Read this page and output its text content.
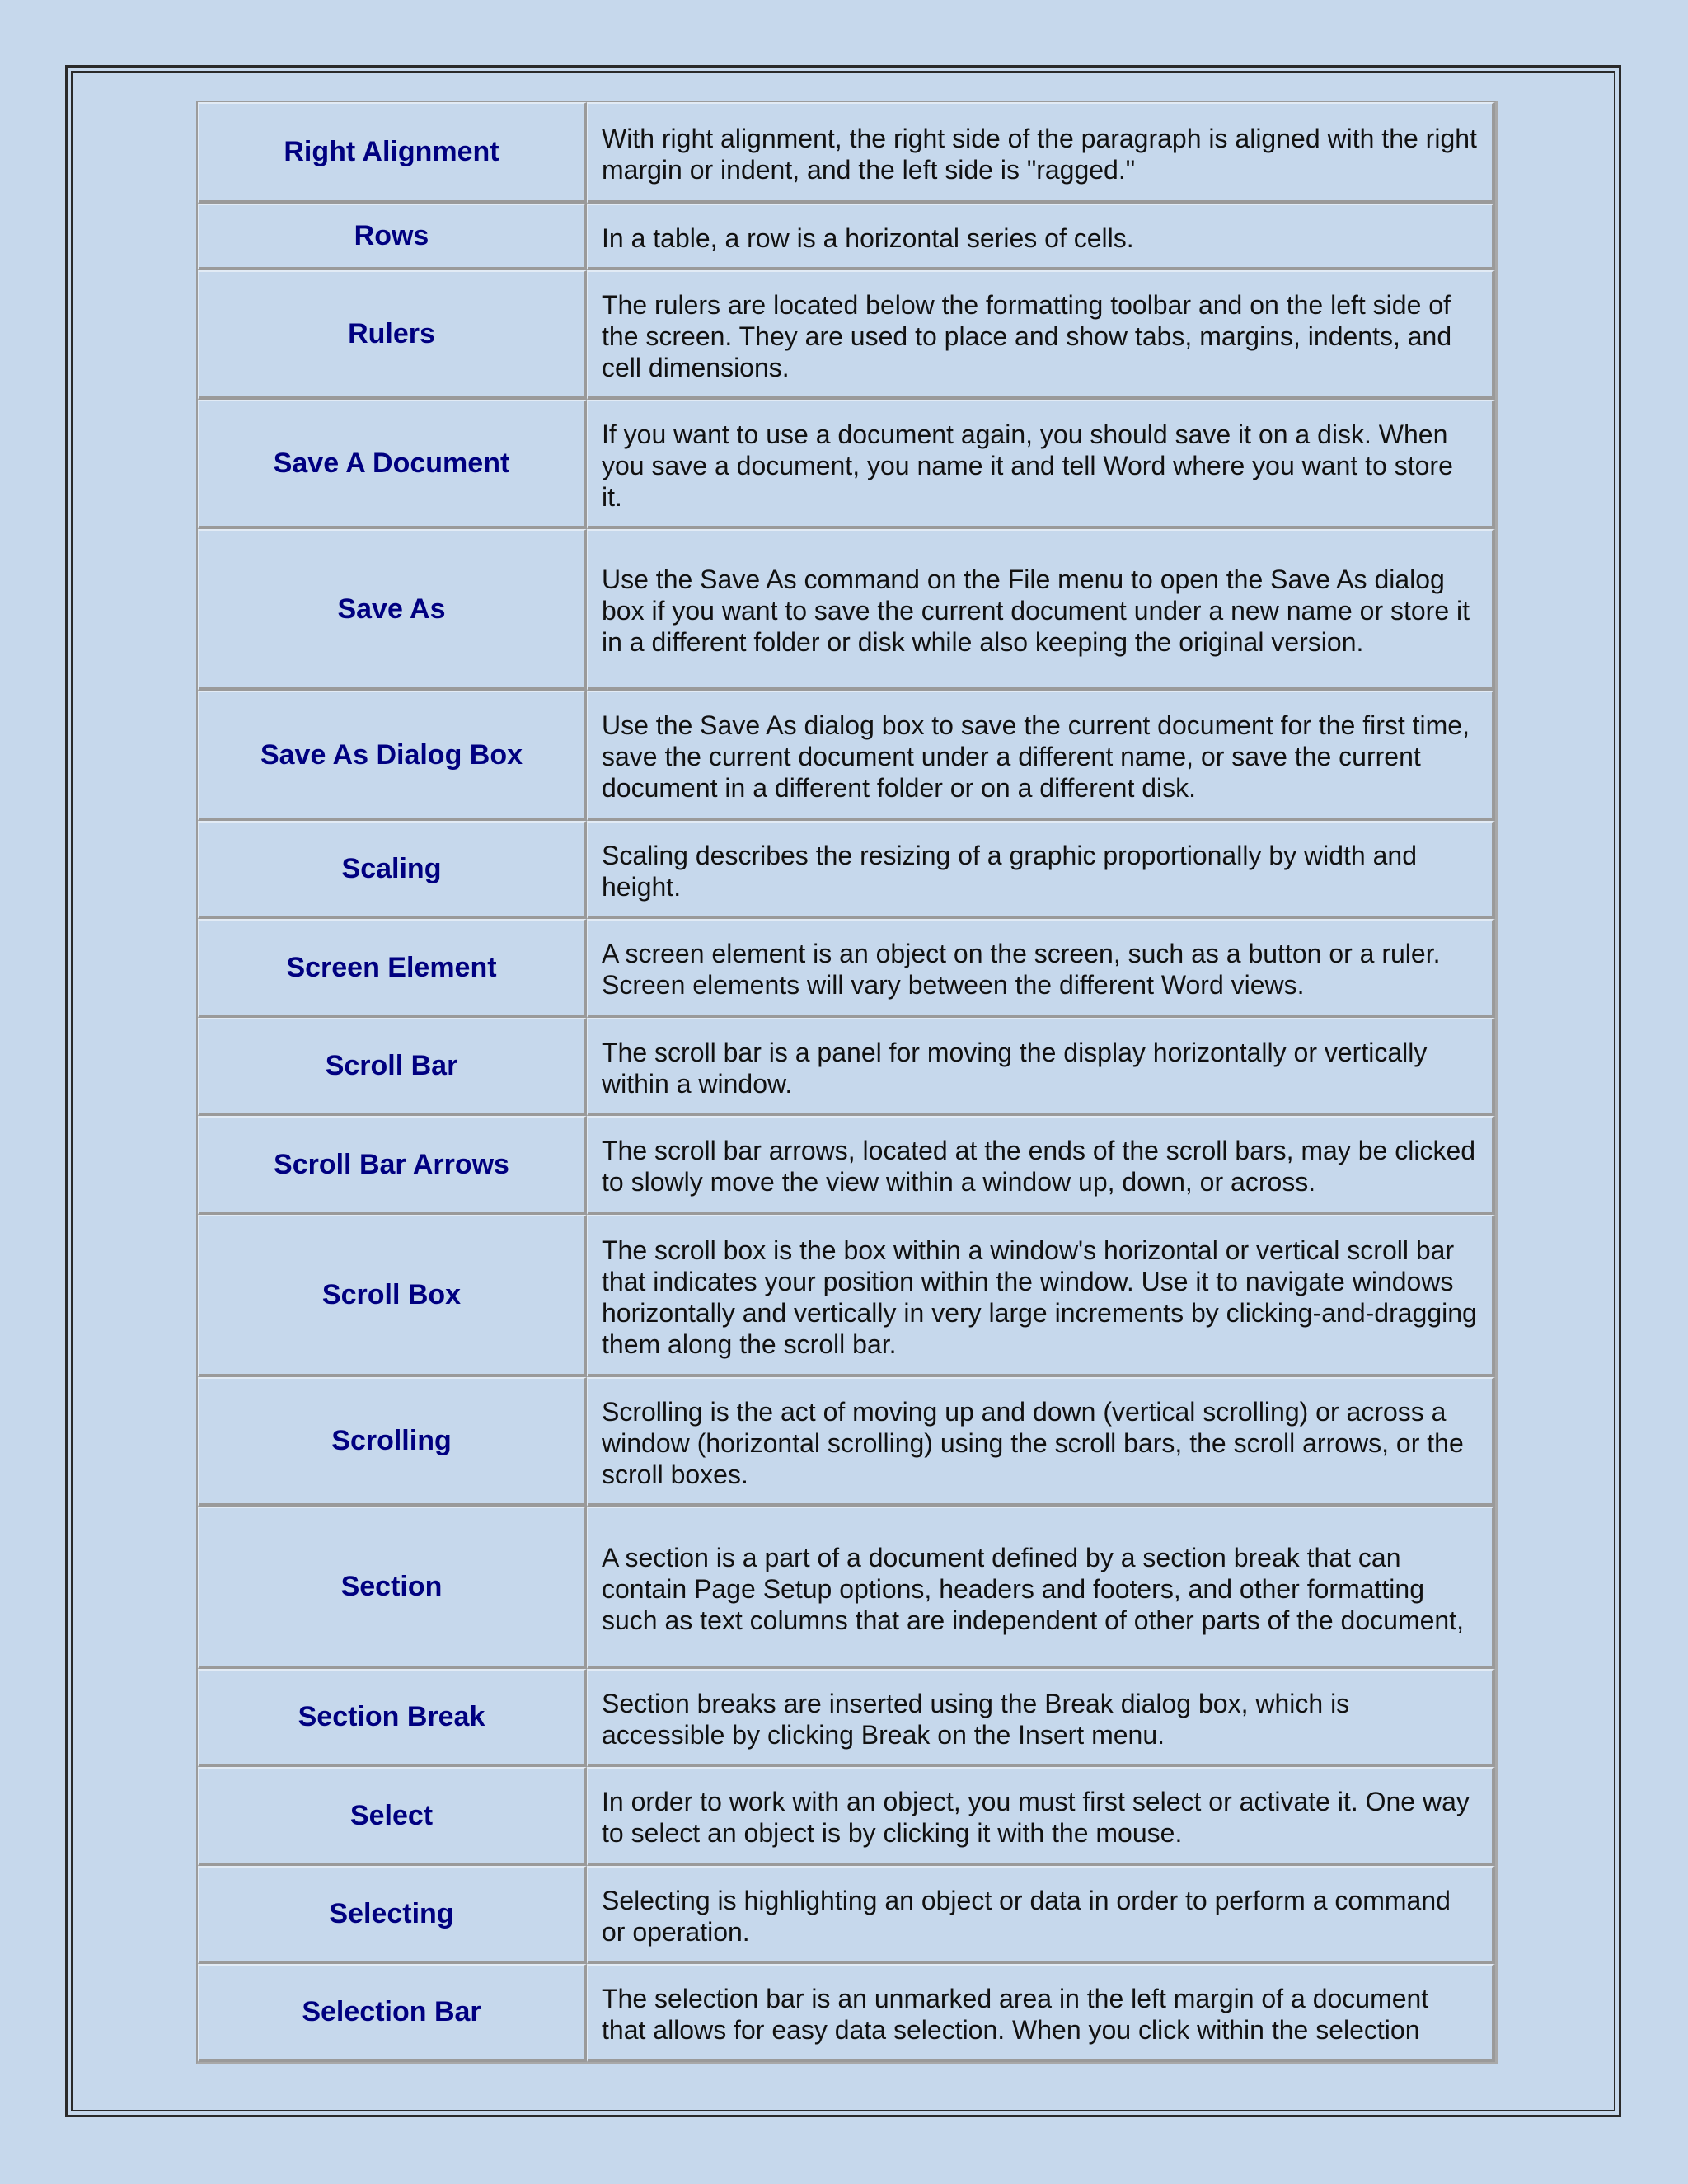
Right Alignment	With right alignment, the right side of the paragraph is aligned with the right margin or indent, and the left side is "ragged."
Rows	In a table, a row is a horizontal series of cells.
Rulers	The rulers are located below the formatting toolbar and on the left side of the screen. They are used to place and show tabs, margins, indents, and cell dimensions.
Save A Document	If you want to use a document again, you should save it on a disk. When you save a document, you name it and tell Word where you want to store it.
Save As	Use the Save As command on the File menu to open the Save As dialog box if you want to save the current document under a new name or store it in a different folder or disk while also keeping the original version.
Save As Dialog Box	Use the Save As dialog box to save the current document for the first time, save the current document under a different name, or save the current document in a different folder or on a different disk.
Scaling	Scaling describes the resizing of a graphic proportionally by width and height.
Screen Element	A screen element is an object on the screen, such as a button or a ruler. Screen elements will vary between the different Word views.
Scroll Bar	The scroll bar is a panel for moving the display horizontally or vertically within a window.
Scroll Bar Arrows	The scroll bar arrows, located at the ends of the scroll bars, may be clicked to slowly move the view within a window up, down, or across.
Scroll Box	The scroll box is the box within a window's horizontal or vertical scroll bar that indicates your position within the window. Use it to navigate windows horizontally and vertically in very large increments by clicking-and-dragging them along the scroll bar.
Scrolling	Scrolling is the act of moving up and down (vertical scrolling) or across a window (horizontal scrolling) using the scroll bars, the scroll arrows, or the scroll boxes.
Section	A section is a part of a document defined by a section break that can contain Page Setup options, headers and footers, and other formatting such as text columns that are independent of other parts of the document,
Section Break	Section breaks are inserted using the Break dialog box, which is accessible by clicking Break on the Insert menu.
Select	In order to work with an object, you must first select or activate it. One way to select an object is by clicking it with the mouse.
Selecting	Selecting is highlighting an object or data in order to perform a command or operation.
Selection Bar	The selection bar is an unmarked area in the left margin of a document that allows for easy data selection. When you click within the selection
